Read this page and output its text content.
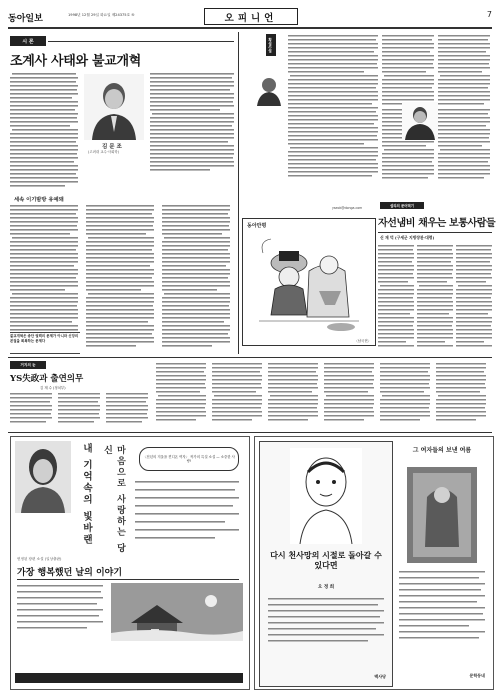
동아일보	1998년 12월 29일 화요일 제24375호 ⑤	오피니언	7
시 론
조계사 사태와 불교개혁
김 문 조
(고려대 교수·사회학)
세속 이기밤방 유예돼
불교개혁은 종단 권력의 문제가 아니라 신앙의 본질을 회복하는 문제다
횡설수설
yseok@donga.com
동아만평
〈남국현〉
설리의 문어먹기
자선냄비 채우는 보통사람들
신 재 덕 (구세군 지방장관·대령)
거지의 눈
YS失政과 출연의무
김 재 수 (정치부)
내 기억속의 빛바랜	마음으로 사랑하는 당신
〈천년의 겨울을 견디온 여자〉 작가의 특설 소설 — 소중한 사랑!
헌정된 장편 소설 (일상출판)
가장 행복했던 날의 이야기
다시 천사망의 시절로 돌아갈 수 있다면
오 정 희
백사당
그 여자들의 보낸 여름
문학동네
